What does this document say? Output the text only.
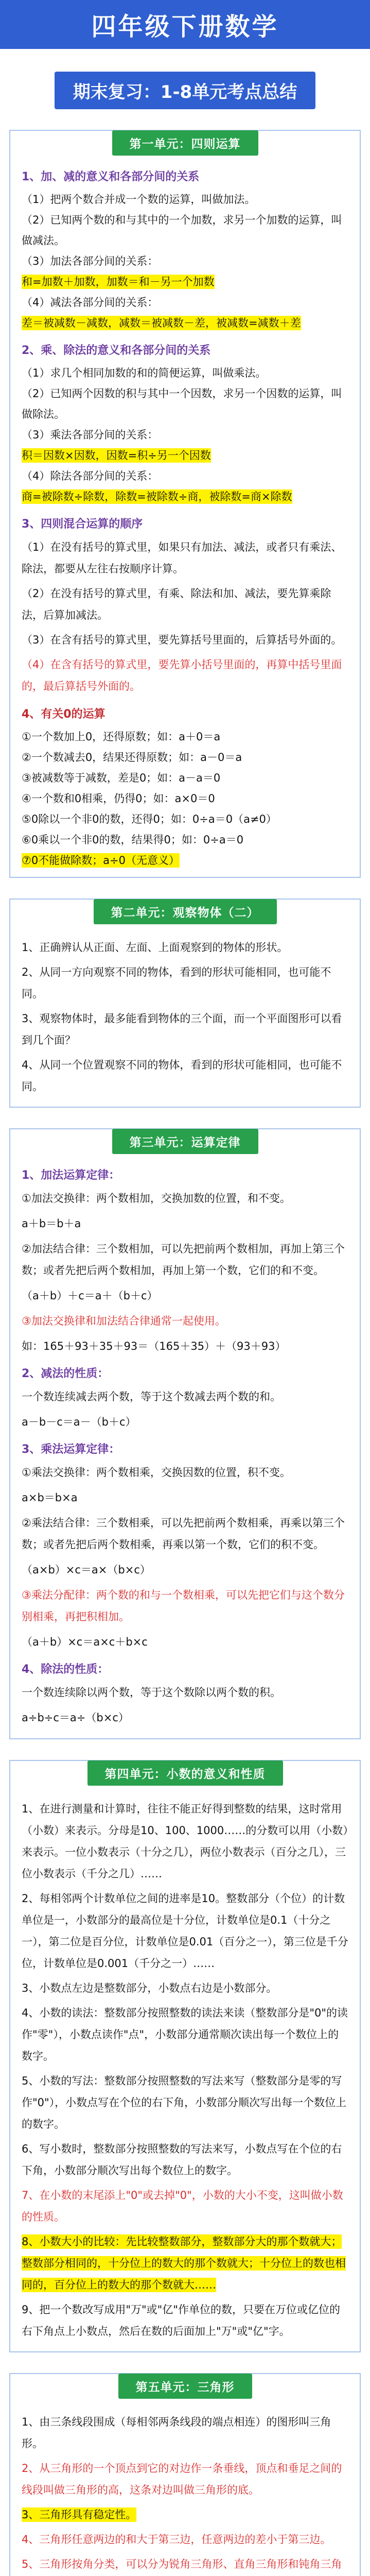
四年级下册数学
期末复习：1-8单元考点总结
第一单元：四则运算
1、加、减的意义和各部分间的关系

（1）把两个数合并成一个数的运算，叫做加法。

（2）已知两个数的和与其中的一个加数，求另一个加数的运算，叫做减法。

（3）加法各部分间的关系：

和=加数＋加数，加数＝和－另一个加数

（4）减法各部分间的关系：

差＝被减数－减数，减数＝被减数－差，被减数=减数＋差

2、乘、除法的意义和各部分间的关系

（1）求几个相同加数的和的简便运算，叫做乘法。

（2）已知两个因数的积与其中一个因数，求另一个因数的运算，叫做除法。

（3）乘法各部分间的关系：

积＝因数×因数，因数=积÷另一个因数

（4）除法各部分间的关系：

商=被除数÷除数，除数=被除数÷商，被除数=商×除数

3、四则混合运算的顺序

（1）在没有括号的算式里，如果只有加法、减法，或者只有乘法、除法，都要从左往右按顺序计算。

（2）在没有括号的算式里，有乘、除法和加、减法，要先算乘除法，后算加减法。

（3）在含有括号的算式里，要先算括号里面的，后算括号外面的。

（4）在含有括号的算式里，要先算小括号里面的，再算中括号里面的，最后算括号外面的。

4、有关0的运算

①一个数加上0，还得原数；如：a＋0＝a

②一个数减去0，结果还得原数；如：a－0＝a

③被减数等于减数，差是0；如：a－a＝0

④一个数和0相乘，仍得0；如：a×0＝0

⑤0除以一个非0的数，还得0；如：0÷a＝0（a≠0）

⑥0乘以一个非0的数，结果得0；如：0÷a＝0

⑦0不能做除数；a÷0（无意义）

第二单元：观察物体（二）

1、正确辨认从正面、左面、上面观察到的物体的形状。

2、从同一方向观察不同的物体，看到的形状可能相同，也可能不同。

3、观察物体时，最多能看到物体的三个面，而一个平面图形可以看到几个面？

4、从同一个位置观察不同的物体，看到的形状可能相同，也可能不同。

第三单元：运算定律
1、加法运算定律：

①加法交换律：两个数相加，交换加数的位置，和不变。

a＋b＝b＋a

②加法结合律：三个数相加，可以先把前两个数相加，再加上第三个数；或者先把后两个数相加，再加上第一个数，它们的和不变。

（a＋b）＋c＝a＋（b＋c）

③加法交换律和加法结合律通常一起使用。

如：165＋93＋35＋93＝（165＋35）＋（93＋93）

2、减法的性质：

一个数连续减去两个数，等于这个数减去两个数的和。

a－b－c＝a－（b＋c）

3、乘法运算定律：

①乘法交换律：两个数相乘，交换因数的位置，积不变。

a×b＝b×a

②乘法结合律：三个数相乘，可以先把前两个数相乘，再乘以第三个数；或者先把后两个数相乘，再乘以第一个数，它们的积不变。

（a×b）×c＝a×（b×c）

③乘法分配律：两个数的和与一个数相乘，可以先把它们与这个数分别相乘，再把积相加。

（a＋b）×c＝a×c＋b×c

4、除法的性质：

一个数连续除以两个数，等于这个数除以两个数的积。

a÷b÷c＝a÷（b×c）

第四单元：小数的意义和性质

1、在进行测量和计算时，往往不能正好得到整数的结果，这时常用（小数）来表示。分母是10、100、1000……的分数可以用（小数）来表示。一位小数表示（十分之几），两位小数表示（百分之几），三位小数表示（千分之几）……

2、每相邻两个计数单位之间的进率是10。整数部分（个位）的计数单位是一，小数部分的最高位是十分位，计数单位是0.1（十分之一），第二位是百分位，计数单位是0.01（百分之一），第三位是千分位，计数单位是0.001（千分之一）……

3、小数点左边是整数部分，小数点右边是小数部分。

4、小数的读法：整数部分按照整数的读法来读（整数部分是"0"的读作"零"），小数点读作"点"，小数部分通常顺次读出每一个数位上的数字。

5、小数的写法：整数部分按照整数的写法来写（整数部分是零的写作"0"），小数点写在个位的右下角，小数部分顺次写出每一个数位上的数字。

6、写小数时，整数部分按照整数的写法来写，小数点写在个位的右下角，小数部分顺次写出每个数位上的数字。

7、在小数的末尾添上"0"或去掉"0"，小数的大小不变，这叫做小数的性质。

8、小数大小的比较：先比较整数部分，整数部分大的那个数就大；整数部分相同的，十分位上的数大的那个数就大；十分位上的数也相同的，百分位上的数大的那个数就大……

9、把一个数改写成用"万"或"亿"作单位的数，只要在万位或亿位的右下角点上小数点，然后在数的后面加上"万"或"亿"字。

第五单元：三角形

1、由三条线段围成（每相邻两条线段的端点相连）的图形叫三角形。

2、从三角形的一个顶点到它的对边作一条垂线，顶点和垂足之间的线段叫做三角形的高，这条对边叫做三角形的底。

3、三角形具有稳定性。

4、三角形任意两边的和大于第三边，任意两边的差小于第三边。

5、三角形按角分类，可以分为锐角三角形、直角三角形和钝角三角
